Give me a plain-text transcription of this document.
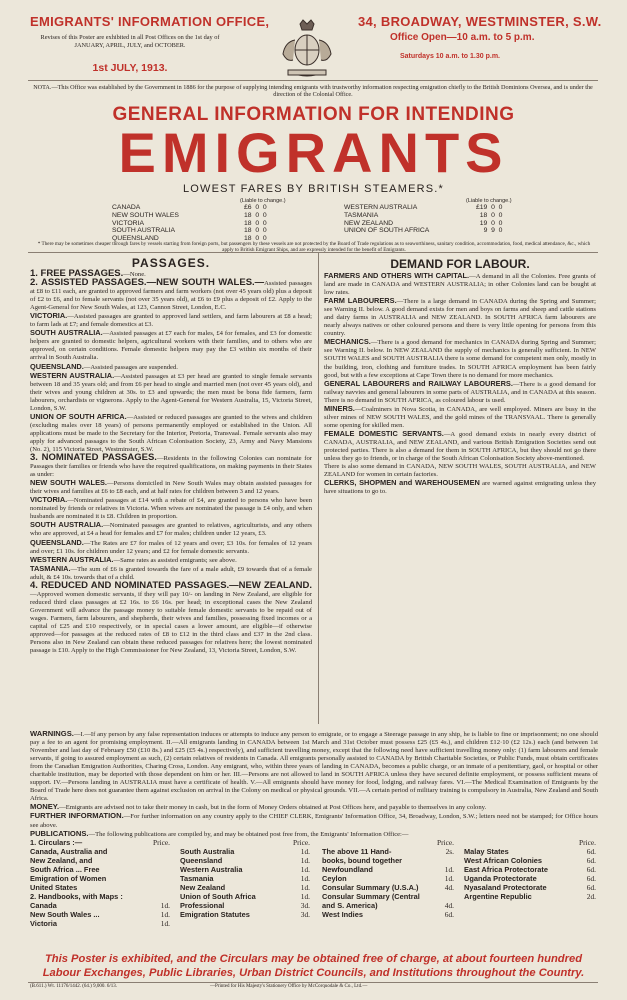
EMIGRANTS' INFORMATION OFFICE,	34, BROADWAY, WESTMINSTER, S.W.
Revises of this Poster are exhibited in all Post Offices on the 1st day of JANUARY, APRIL, JULY, and OCTOBER.
1st JULY, 1913.
Office Open—10 a.m. to 5 p.m.
Saturdays 10 a.m. to 1.30 p.m.
NOTA.—This Office was established by the Government in 1886 for the purpose of supplying intending emigrants with trustworthy information respecting emigration chiefly to the British Dominions Oversea, and is under the direction of the Colonial Office.
GENERAL INFORMATION FOR INTENDING
EMIGRANTS
LOWEST FARES BY BRITISH STEAMERS.*
(Liable to change.)
CANADA	£6  0  0
NEW SOUTH WALES	18  0  0
VICTORIA	18  0  0
SOUTH AUSTRALIA	18  0  0
QUEENSLAND	18  0  0
(Liable to change.)
WESTERN AUSTRALIA	£19  0  0
TASMANIA	18  0  0
NEW ZEALAND	19  0  0
UNION OF SOUTH AFRICA	9  9  0
* There may be sometimes cheaper through fares by vessels starting from foreign ports, but passengers by these vessels are not protected by the Board of Trade regulations as to seaworthiness, sanitary condition, accommodation, food, medical attendance, &c., which apply to British Emigrant Ships, and are expressly intended for the benefit of Emigrants.
PASSAGES.

1. FREE PASSAGES.—None.

2. ASSISTED PASSAGES.—NEW SOUTH WALES.—Assisted passages at £8 to £11 each, are granted to approved farmers and farm workers (not over 45 years old) plus a deposit of £2 to £6, and to female servants (not over 35 years old), at £6 to £9 plus a deposit of £2. Apply to the Agent-General for New South Wales, at 123, Cannon Street, London, E.C.

VICTORIA.—Assisted passages are granted to approved land settlers, and farm labourers at £8 a head; to farm lads at £7; and female domestics at £3.

SOUTH AUSTRALIA.—Assisted passages at £7 each for males, £4 for females, and £3 for domestic helpers are granted to domestic helpers, agricultural workers with their families, and to others who are approved, on certain conditions. Female domestic helpers may pay the £3 within six months of their arrival in South Australia.

QUEENSLAND.—Assisted passages are suspended.

WESTERN AUSTRALIA.—Assisted passages at £3 per head are granted to single female servants between 18 and 35 years old; and from £6 per head to single and married men (not over 45 years old), and their wives and young children at 30s. to £3 and upwards; the men must be bona fide farmers, farm labourers, orchardists or vignerons. Apply to the Agent-General for Western Australia, 15, Victoria Street, London, S.W.

UNION OF SOUTH AFRICA.—Assisted or reduced passages are granted to the wives and children (excluding males over 18 years) of persons permanently employed or established in the Union. All applications must be made to the Secretary for the Interior, Pretoria, Transvaal. Female servants also may apply for advanced passages to the South African Colonisation Society, 23, Army and Navy Mansions (No. 2), 115 Victoria Street, Westminster, S.W.

3. NOMINATED PASSAGES.—Residents in the following Colonies can nominate for Passages their families or friends who have the required qualifications, on making payments in their States as under:

NEW SOUTH WALES.—Persons domiciled in New South Wales may obtain assisted passages for their wives and families at £6 to £8 each, and at half rates for children between 3 and 12 years.

VICTORIA.—Nominated passages at £14 with a rebate of £4, are granted to persons who have been nominated by friends or relatives in Victoria. When wives are nominated the passage is £4 only, and when husbands are nominated it is £8. Children in proportion.

SOUTH AUSTRALIA.—Nominated passages are granted to relatives, agriculturists, and any others who are approved, at £4 a head for females and £7 for males; children under 12 years, £3.

QUEENSLAND.—The Rates are £7 for males of 12 years and over; £3 10s. for females of 12 years and over; £1 10s. for children under 12 years; and £2 for female domestic servants.

WESTERN AUSTRALIA.—Same rates as assisted emigrants; see above.

TASMANIA.—The sum of £6 is granted towards the fare of a male adult, £9 towards that of a female adult, & £4 10s. towards that of a child.

4. REDUCED AND NOMINATED PASSAGES.—NEW ZEALAND.—Approved women domestic servants, if they will pay 10/- on landing in New Zealand, are eligible for reduced third class passages at £2 16s. to £6 16s. per head; in exceptional cases the New Zealand Government will advance the passage money to suitable female domestic servants to be repaid out of wages. Farmers, farm labourers, and shepherds, their wives and families, possessing fixed incomes or a capital of £25 and £10 respectively, or in special cases a lower amount, are eligible—if otherwise approved—for passages at the reduced rates of £8 to £12 in the third class and £37 in the 2nd class. Persons also in New Zealand can obtain these reduced passages for relatives here; the lowest nominated passage is £10. Apply to the High Commissioner for New Zealand, 13, Victoria Street, London, S.W.

DEMAND FOR LABOUR.

FARMERS AND OTHERS WITH CAPITAL.—A demand in all the Colonies. Free grants of land are made in CANADA and WESTERN AUSTRALIA; in other Colonies land can be bought at low rates.

FARM LABOURERS.—There is a large demand in CANADA during the Spring and Summer; see Warning II. below. A good demand exists for men and boys on farms and sheep and cattle stations and dairy farms in AUSTRALIA and NEW ZEALAND. In SOUTH AFRICA farm labourers are nearly always natives or other coloured persons and there is very little opening for persons from this country.

MECHANICS.—There is a good demand for mechanics in CANADA during Spring and Summer; see Warning II. below. In NEW ZEALAND the supply of mechanics is generally sufficient. In NEW SOUTH WALES and SOUTH AUSTRALIA there is some demand for competent men only, mostly in the building, iron, clothing and furniture trades. In SOUTH AFRICA employment has been fairly good, but with a few exceptions at Cape Town there is no demand for more mechanics.

GENERAL LABOURERS and RAILWAY LABOURERS.—There is a good demand for railway navvies and general labourers in some parts of AUSTRALIA, and in CANADA at this season. There is no demand in SOUTH AFRICA, as coloured labour is used.

MINERS.—Coalminers in Nova Scotia, in CANADA, are well employed. Miners are busy in the silver mines of NEW SOUTH WALES, and the gold mines of the TRANSVAAL. There is generally some opening for skilled men.

FEMALE DOMESTIC SERVANTS.—A good demand exists in nearly every district of CANADA, AUSTRALIA, and NEW ZEALAND, and various British Emigration Societies send out protected parties. There is also a demand for them in SOUTH AFRICA, but they should not go there unless they go to friends, or in charge of the South African Colonisation Society above-mentioned.

There is also some demand in CANADA, NEW SOUTH WALES, SOUTH AUSTRALIA, and NEW ZEALAND for women in certain factories.

CLERKS, SHOPMEN and WAREHOUSEMEN are warned against emigrating unless they have situations to go to.

WARNINGS.—I.—If any person by any false representation induces or attempts to induce any person to emigrate, or to engage a Steerage passage in any ship, he is liable to fine or imprisonment; no one should pay a fee to an agent for promising employment. II.—All emigrants landing in CANADA between 1st March and 31st October must possess £25 (£5 4s.), and children £12·10 (£2 12s.) each (and between 1st November and last day of February £50 (£10 8s.) and £25 (£5 4s.) respectively), and sufficient travelling money, except that the following need have sufficient travelling money only: (1) farm labourers and female servants, if going to assured employment as such, (2) certain relatives of residents in Canada. All emigrants personally assisted to CANADA by British Charitable Societies, or Public Funds, must obtain certificates from the Canadian Emigration Authorities, Charing Cross, London. Any emigrant, who, within three years of landing in CANADA, becomes a public charge, or an inmate of a penitentiary, gaol, or hospital or other charitable institution, may be deported with those dependent on him or her. III.—Persons are not allowed to land in SOUTH AFRICA unless they have secured definite employment, or possess sufficient means of support. IV.—Persons landing in AUSTRALIA must have a certificate of health. V.—All emigrants should have money for food, lodging, and railway fares. VI.—The Medical Examination of Emigrants by the Board of Trade here does not guarantee them against exclusion on arrival in the Colony on medical or physical grounds. VII.—A certain period of military training is compulsory in Australia, New Zealand and South Africa.

MONEY.—Emigrants are advised not to take their money in cash, but in the form of Money Orders obtained at Post Offices here, and payable to themselves in any colony.

FURTHER INFORMATION.—For further information on any country apply to the CHIEF CLERK, Emigrants' Information Office, 34, Broadway, London, S.W.; letters need not be stamped; for Office hours see above.

PUBLICATIONS.—The following publications are compiled by, and may be obtained post free from, the Emigrants' Information Office:—

1. Circulars :—	Price.
Canada, Australia and
New Zealand, and
South Africa ... Free
Emigration of Women
United States
2. Handbooks, with Maps :
Canada	1d.
New South Wales ...	1d.
Victoria	1d.
Price.
South Australia	1d.
Queensland	1d.
Western Australia	1d.
Tasmania	1d.
New Zealand	1d.
Union of South Africa	1d.
Professional	3d.
Emigration Statutes	3d.
Price.
The above 11 Hand-	2s.
books, bound together
Newfoundland	1d.
Ceylon	1d.
Consular Summary (U.S.A.)	4d.
Consular Summary (Central
and S. America)	4d.
West Indies	6d.
Price.
Malay States	6d.
West African Colonies	6d.
East Africa Protectorate	6d.
Uganda Protectorate	6d.
Nyasaland Protectorate	6d.
Argentine Republic	2d.
This Poster is exhibited, and the Circulars may be obtained free of charge, at about fourteen hundred
Labour Exchanges, Public Libraries, Urban District Councils, and Institutions throughout the Country.
(B.611.) Wt. 11176/1442. (64.) 9,000. 6/13.	—Printed for His Majesty's Stationery Office by McCorquodale & Co., Ltd.—
